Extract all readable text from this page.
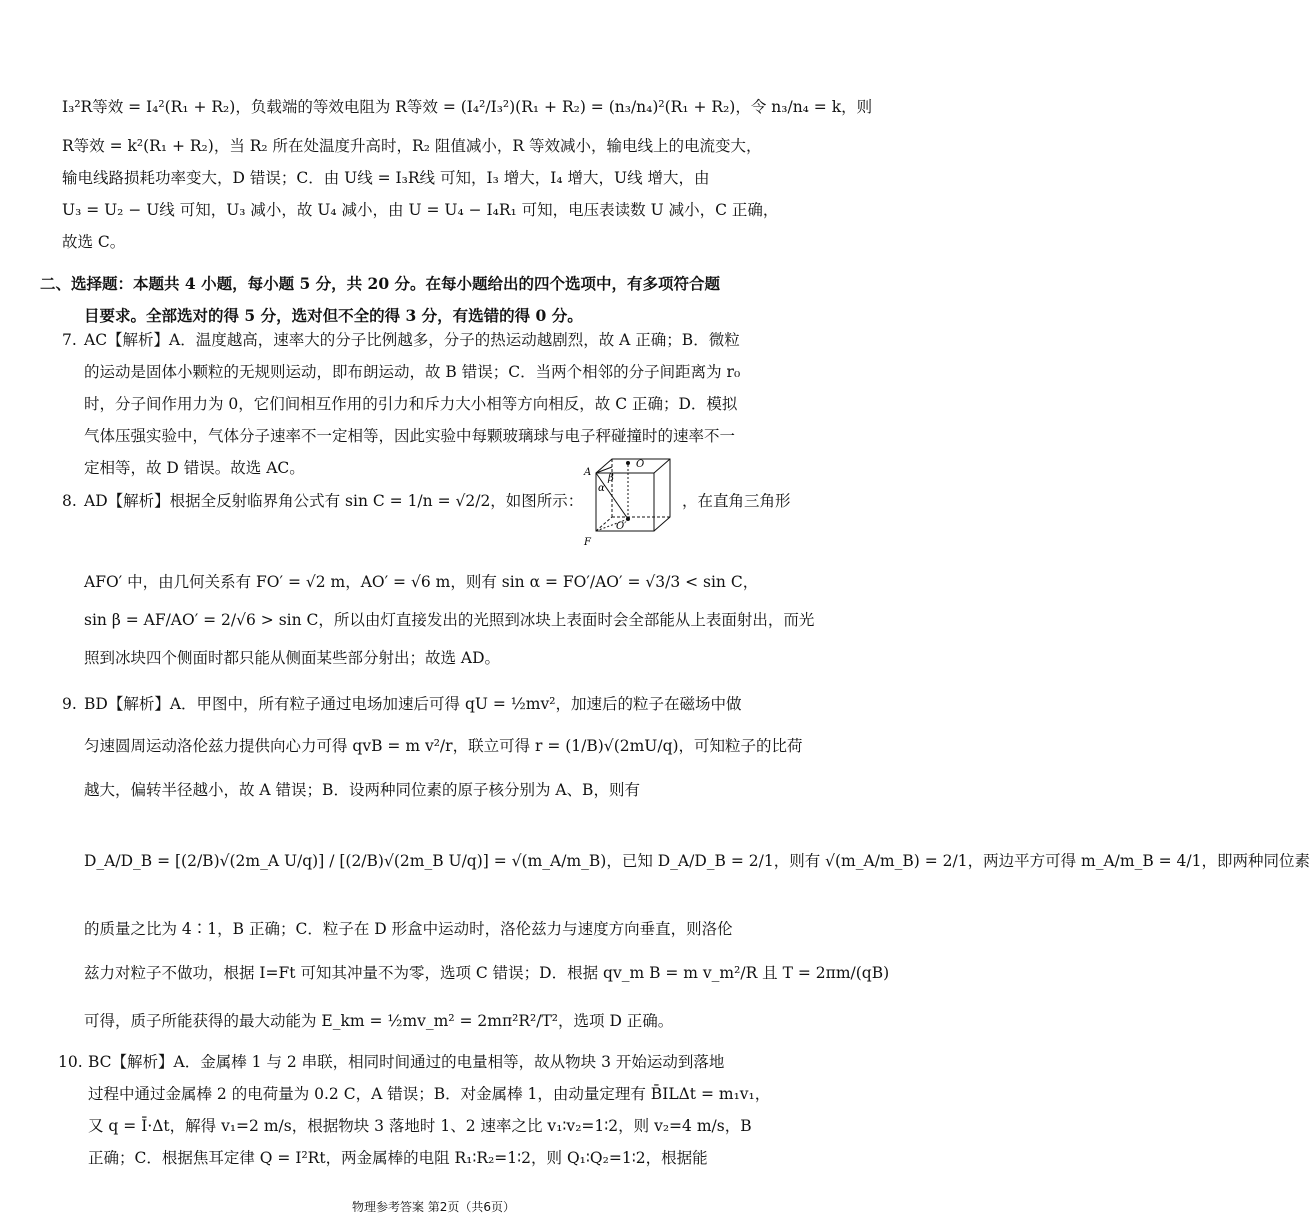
I₃²R等效 = I₄²(R₁ + R₂)，负载端的等效电阻为 R等效 = (I₄²/I₃²)(R₁ + R₂) = (n₃/n₄)²(R₁ + R₂)，令 n₃/n₄ = k，则
R等效 = k²(R₁ + R₂)，当 R₂ 所在处温度升高时，R₂ 阻值减小，R 等效减小，输电线上的电流变大，
输电线路损耗功率变大，D 错误；C．由 U线 = I₃R线 可知，I₃ 增大，I₄ 增大，U线 增大，由
U₃ = U₂ − U线 可知，U₃ 减小，故 U₄ 减小，由 U = U₄ − I₄R₁ 可知，电压表读数 U 减小，C 正确，
故选 C。
二、选择题：本题共 4 小题，每小题 5 分，共 20 分。在每小题给出的四个选项中，有多项符合题
目要求。全部选对的得 5 分，选对但不全的得 3 分，有选错的得 0 分。
7. AC【解析】A．温度越高，速率大的分子比例越多，分子的热运动越剧烈，故 A 正确；B．微粒
的运动是固体小颗粒的无规则运动，即布朗运动，故 B 错误；C．当两个相邻的分子间距离为 r₀
时，分子间作用力为 0，它们间相互作用的引力和斥力大小相等方向相反，故 C 正确；D．模拟
气体压强实验中，气体分子速率不一定相等，因此实验中每颗玻璃球与电子秤碰撞时的速率不一
定相等，故 D 错误。故选 AC。
8. AD【解析】根据全反射临界角公式有 sin C = 1/n = √2/2，如图所示：	，在直角三角形
AFO′ 中，由几何关系有 FO′ = √2 m，AO′ = √6 m，则有 sin α = FO′/AO′ = √3/3 < sin C，
sin β = AF/AO′ = 2/√6 > sin C，所以由灯直接发出的光照到冰块上表面时会全部能从上表面射出，而光
照到冰块四个侧面时都只能从侧面某些部分射出；故选 AD。
A
β
α
O
O′
F
9. BD【解析】A．甲图中，所有粒子通过电场加速后可得 qU = ½mv²，加速后的粒子在磁场中做
匀速圆周运动洛伦兹力提供向心力可得 qvB = m v²/r，联立可得 r = (1/B)√(2mU/q)，可知粒子的比荷
越大，偏转半径越小，故 A 错误；B．设两种同位素的原子核分别为 A、B，则有
D_A/D_B = [(2/B)√(2m_A U/q)] / [(2/B)√(2m_B U/q)] = √(m_A/m_B)，已知 D_A/D_B = 2/1，则有 √(m_A/m_B) = 2/1，两边平方可得 m_A/m_B = 4/1，即两种同位素
的质量之比为 4∶1，B 正确；C．粒子在 D 形盒中运动时，洛伦兹力与速度方向垂直，则洛伦
兹力对粒子不做功，根据 I=Ft 可知其冲量不为零，选项 C 错误；D．根据 qv_m B = m v_m²/R 且 T = 2πm/(qB)
可得，质子所能获得的最大动能为 E_km = ½mv_m² = 2mπ²R²/T²，选项 D 正确。
10. BC【解析】A．金属棒 1 与 2 串联，相同时间通过的电量相等，故从物块 3 开始运动到落地
过程中通过金属棒 2 的电荷量为 0.2 C，A 错误；B．对金属棒 1，由动量定理有 B̄ILΔt = m₁v₁，
又 q = Ī·Δt，解得 v₁=2 m/s，根据物块 3 落地时 1、2 速率之比 v₁∶v₂=1∶2，则 v₂=4 m/s，B
正确；C．根据焦耳定律 Q = I²Rt，两金属棒的电阻 R₁∶R₂=1∶2，则 Q₁∶Q₂=1∶2，根据能
物理参考答案 第2页（共6页）
